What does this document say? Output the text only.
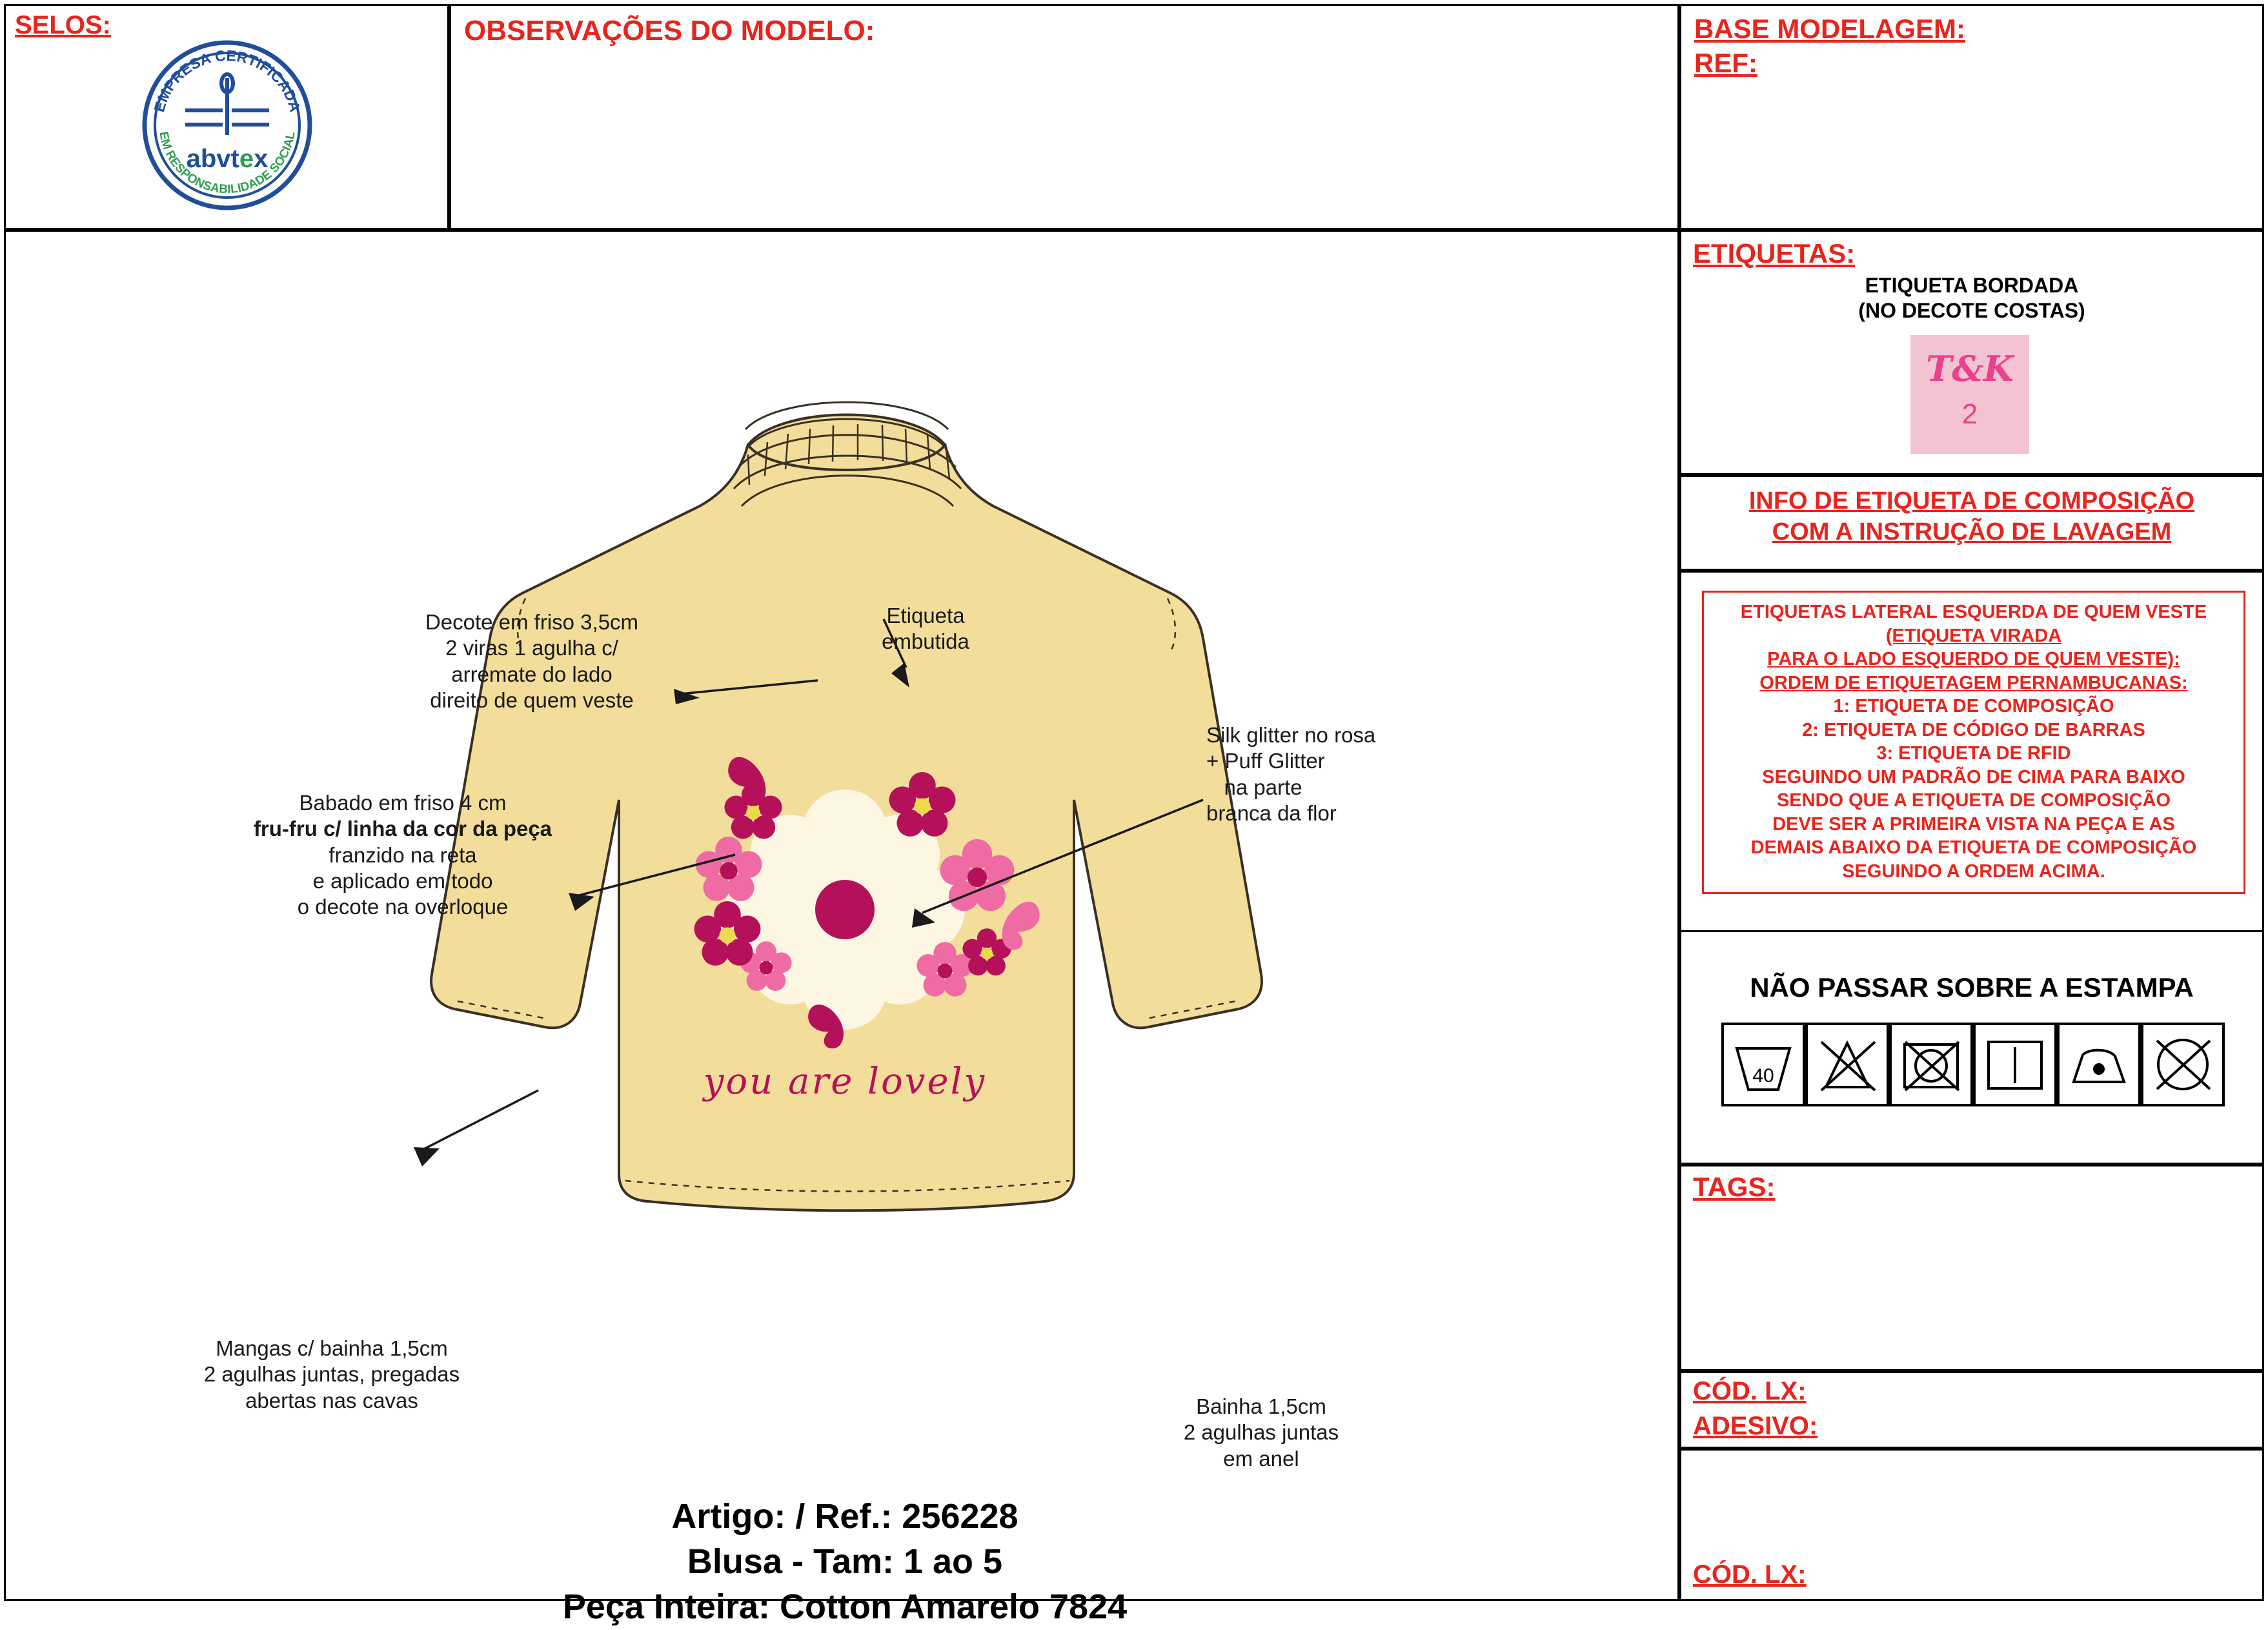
SELOS:
EMPRESA CERTIFICADA
EM RESPONSABILIDADE SOCIAL
abvtex
OBSERVAÇÕES DO MODELO:	BASE MODELAGEM:
REF:
you are lovely
Decote em friso 3,5cm
2 viras 1 agulha c/
arremate do lado
direito de quem veste
Babado em friso 4 cm
fru-fru c/ linha da cor da peça
franzido na reta
e aplicado em todo
o decote na overloque
Mangas c/ bainha 1,5cm
2 agulhas juntas, pregadas
abertas nas cavas
Etiqueta
embutida
Silk glitter no rosa
+ Puff Glitter
na parte
branca da flor
Bainha 1,5cm
2 agulhas juntas
em anel
Artigo: / Ref.: 256228
Blusa - Tam: 1 ao 5
Peça Inteira: Cotton Amarelo 7824
ETIQUETAS:
ETIQUETA BORDADA
(NO DECOTE COSTAS)
T&K
2
INFO DE ETIQUETA DE COMPOSIÇÃO
COM A INSTRUÇÃO DE LAVAGEM
ETIQUETAS LATERAL ESQUERDA DE QUEM VESTE
(ETIQUETA VIRADA
PARA O LADO ESQUERDO DE QUEM VESTE):
ORDEM DE ETIQUETAGEM PERNAMBUCANAS:
1: ETIQUETA DE COMPOSIÇÃO
2: ETIQUETA DE CÓDIGO DE BARRAS
3: ETIQUETA DE RFID
SEGUINDO UM PADRÃO DE CIMA PARA BAIXO
SENDO QUE A ETIQUETA DE COMPOSIÇÃO
DEVE SER A PRIMEIRA VISTA NA PEÇA E AS
DEMAIS ABAIXO DA ETIQUETA DE COMPOSIÇÃO
SEGUINDO A ORDEM ACIMA.
NÃO PASSAR SOBRE A ESTAMPA
40
TAGS:
CÓD. LX:
ADESIVO:
CÓD. LX:
